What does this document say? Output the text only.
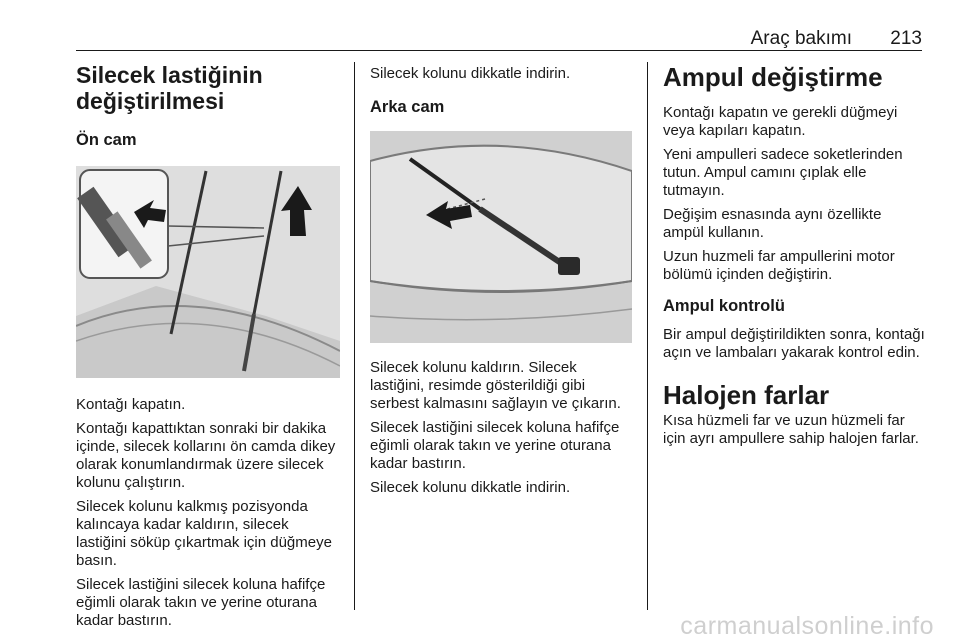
Araç bakımı 213
Silecek lastiğinin değiştirilmesi
Ön cam

Kontağı kapatın.

Kontağı kapattıktan sonraki bir dakika içinde, silecek kollarını ön camda dikey olarak konumlandırmak üzere silecek kolunu çalıştırın.

Silecek kolunu kalkmış pozisyonda kalıncaya kadar kaldırın, silecek lastiğini söküp çıkartmak için düğmeye basın.

Silecek lastiğini silecek koluna hafifçe eğimli olarak takın ve yerine oturana kadar bastırın.

Silecek kolunu dikkatle indirin.

Arka cam

Silecek kolunu kaldırın. Silecek lastiğini, resimde gösterildiği gibi serbest kalmasını sağlayın ve çıkarın.

Silecek lastiğini silecek koluna hafifçe eğimli olarak takın ve yerine oturana kadar bastırın.

Silecek kolunu dikkatle indirin.

Ampul değiştirme

Kontağı kapatın ve gerekli düğmeyi veya kapıları kapatın.

Yeni ampulleri sadece soketlerinden tutun. Ampul camını çıplak elle tutmayın.

Değişim esnasında aynı özellikte ampül kullanın.

Uzun huzmeli far ampullerini motor bölümü içinden değiştirin.

Ampul kontrolü

Bir ampul değiştirildikten sonra, kontağı açın ve lambaları yakarak kontrol edin.

Halojen farlar

Kısa hüzmeli far ve uzun hüzmeli far için ayrı ampullere sahip halojen farlar.

carmanualsonline.info
